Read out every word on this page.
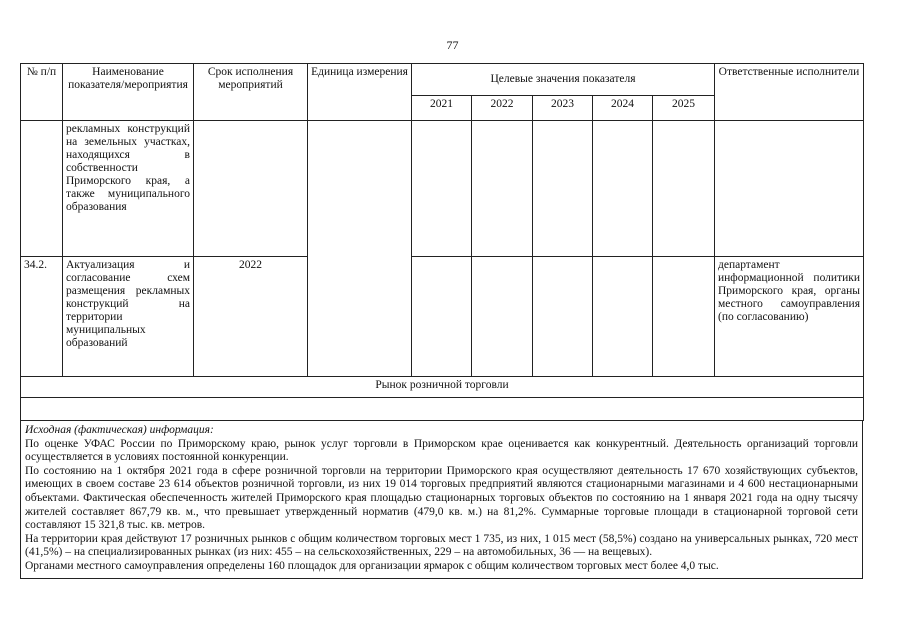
77
№ п/п	Наименование показателя/мероприятия	Срок исполнения мероприятий	Единица измерения	Целевые значения показателя					Ответственные исполнители
				2021	2022	2023	2024	2025	
	рекламных конструкций на земельных участках, находящихся в собственности Приморского края, а также муниципального образования								
34.2.	Актуализация и согласование схем размещения рекламных конструкций на территории муниципальных образований	2022							департамент информационной политики Приморского края, органы местного самоуправления (по согласованию)
Рынок розничной торговли									

Исходная (фактическая) информация:

По оценке УФАС России по Приморскому краю, рынок услуг торговли в Приморском крае оценивается как конкурентный. Деятельность организаций торговли осуществляется в условиях постоянной конкуренции.

По состоянию на 1 октября 2021 года в сфере розничной торговли на территории Приморского края осуществляют деятельность 17 670 хозяйствующих субъектов, имеющих в своем составе 23 614 объектов розничной торговли, из них 19 014 торговых предприятий являются стационарными магазинами и 4 600 нестационарными объектами. Фактическая обеспеченность жителей Приморского края площадью стационарных торговых объектов по состоянию на 1 января 2021 года на одну тысячу жителей составляет 867,79 кв. м., что превышает утвержденный норматив (479,0 кв. м.) на 81,2%. Суммарные торговые площади в стационарной торговой сети составляют 15 321,8 тыс. кв. метров.

На территории края действуют 17 розничных рынков с общим количеством торговых мест 1 735, из них, 1 015 мест (58,5%) создано на универсальных рынках, 720 мест (41,5%) – на специализированных рынках (из них: 455 – на сельскохозяйственных, 229 – на автомобильных, 36 — на вещевых).

Органами местного самоуправления определены 160 площадок для организации ярмарок с общим количеством торговых мест более 4,0 тыс.
